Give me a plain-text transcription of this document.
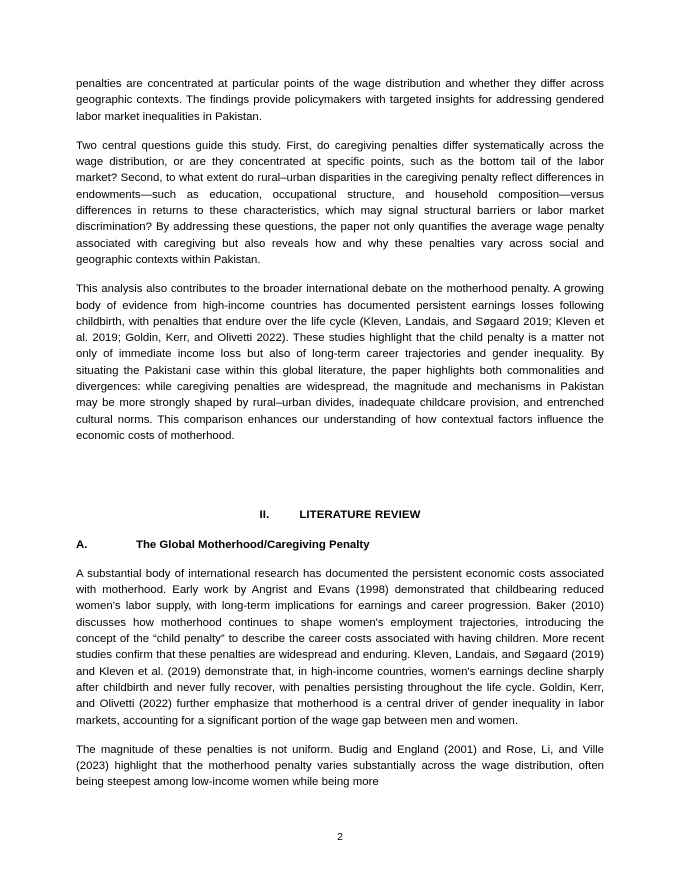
penalties are concentrated at particular points of the wage distribution and whether they differ across geographic contexts. The findings provide policymakers with targeted insights for addressing gendered labor market inequalities in Pakistan.

Two central questions guide this study. First, do caregiving penalties differ systematically across the wage distribution, or are they concentrated at specific points, such as the bottom tail of the labor market? Second, to what extent do rural–urban disparities in the caregiving penalty reflect differences in endowments—such as education, occupational structure, and household composition—versus differences in returns to these characteristics, which may signal structural barriers or labor market discrimination? By addressing these questions, the paper not only quantifies the average wage penalty associated with caregiving but also reveals how and why these penalties vary across social and geographic contexts within Pakistan.

This analysis also contributes to the broader international debate on the motherhood penalty. A growing body of evidence from high-income countries has documented persistent earnings losses following childbirth, with penalties that endure over the life cycle (Kleven, Landais, and Søgaard 2019; Kleven et al. 2019; Goldin, Kerr, and Olivetti 2022). These studies highlight that the child penalty is a matter not only of immediate income loss but also of long-term career trajectories and gender inequality. By situating the Pakistani case within this global literature, the paper highlights both commonalities and divergences: while caregiving penalties are widespread, the magnitude and mechanisms in Pakistan may be more strongly shaped by rural–urban divides, inadequate childcare provision, and entrenched cultural norms. This comparison enhances our understanding of how contextual factors influence the economic costs of motherhood.

II.	LITERATURE REVIEW
A.	The Global Motherhood/Caregiving Penalty

A substantial body of international research has documented the persistent economic costs associated with motherhood. Early work by Angrist and Evans (1998) demonstrated that childbearing reduced women's labor supply, with long-term implications for earnings and career progression. Baker (2010) discusses how motherhood continues to shape women's employment trajectories, introducing the concept of the “child penalty” to describe the career costs associated with having children. More recent studies confirm that these penalties are widespread and enduring. Kleven, Landais, and Søgaard (2019) and Kleven et al. (2019) demonstrate that, in high-income countries, women's earnings decline sharply after childbirth and never fully recover, with penalties persisting throughout the life cycle. Goldin, Kerr, and Olivetti (2022) further emphasize that motherhood is a central driver of gender inequality in labor markets, accounting for a significant portion of the wage gap between men and women.

The magnitude of these penalties is not uniform. Budig and England (2001) and Rose, Li, and Ville (2023) highlight that the motherhood penalty varies substantially across the wage distribution, often being steepest among low-income women while being more

2
